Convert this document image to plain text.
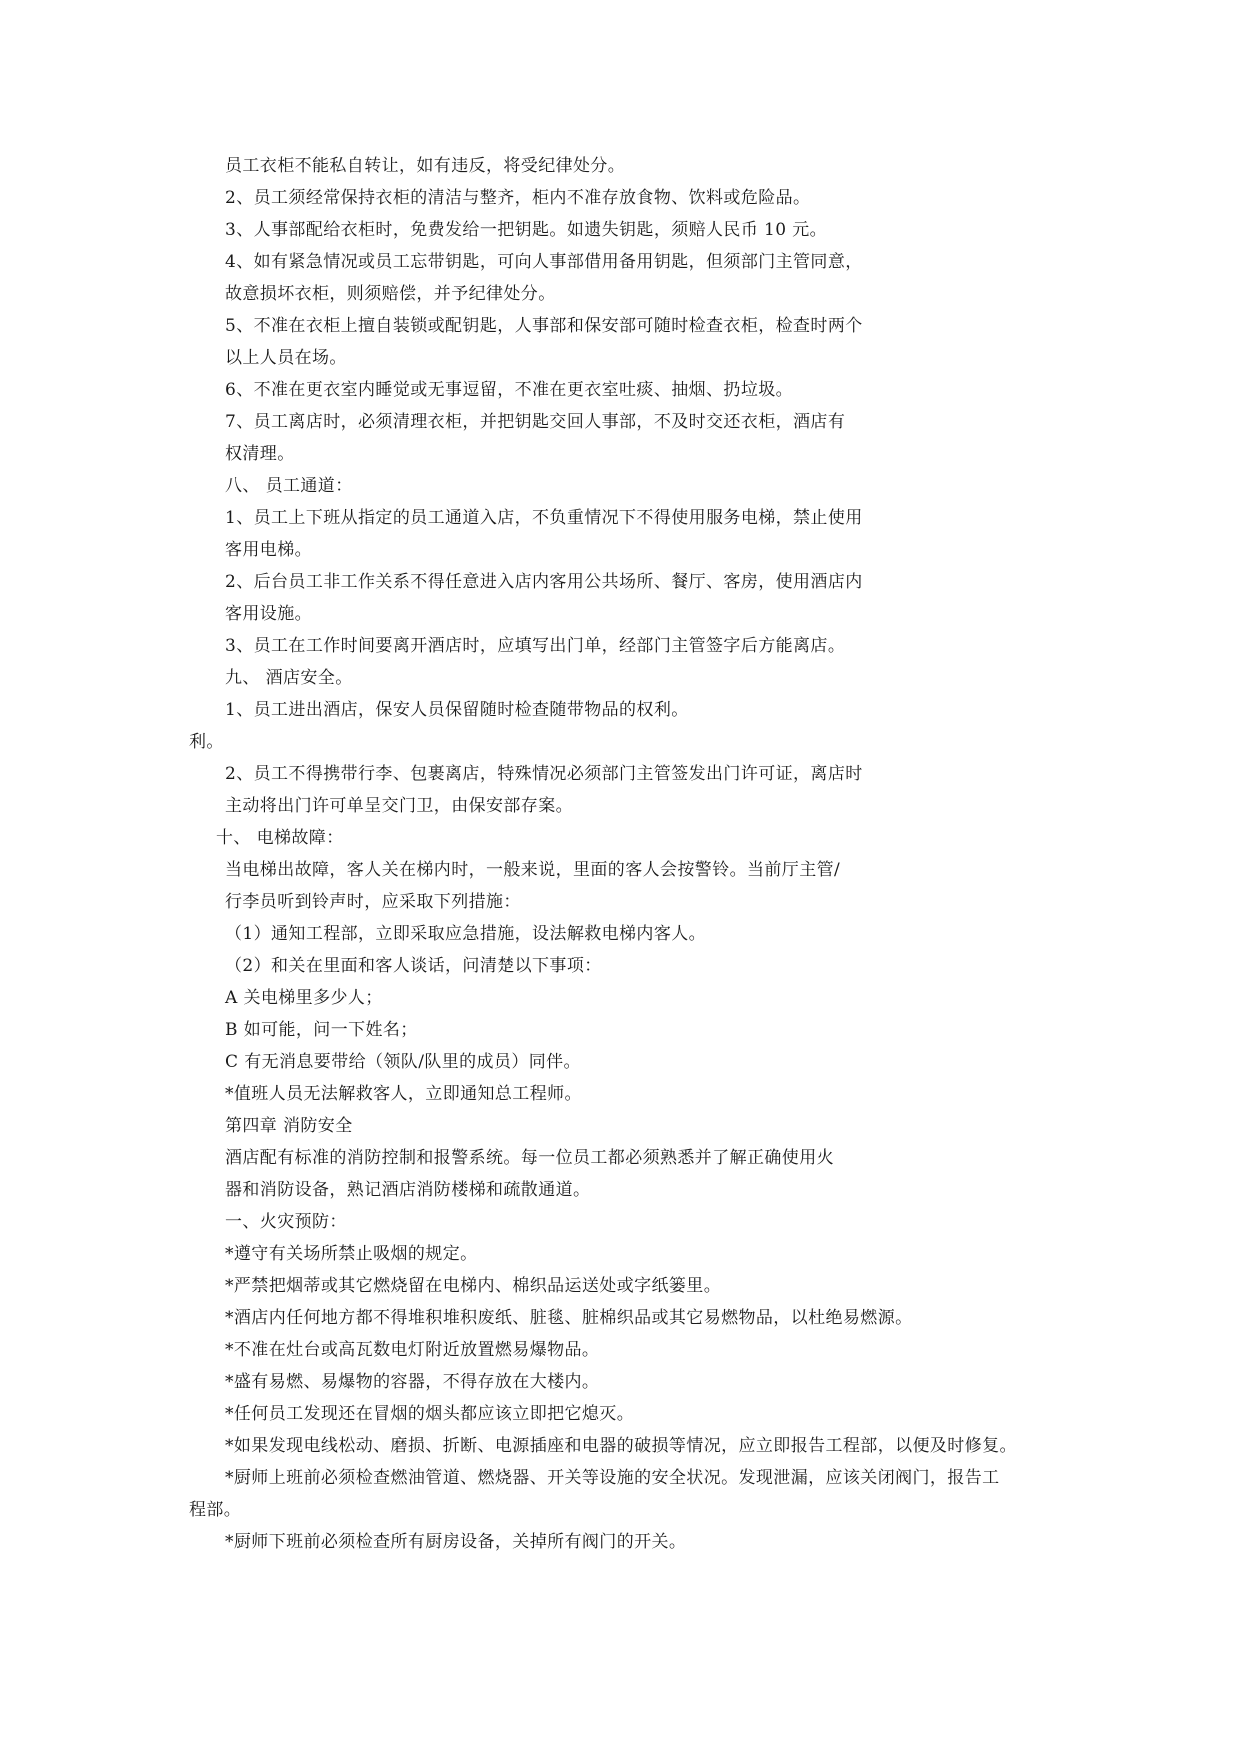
员工衣柜不能私自转让，如有违反，将受纪律处分。
2、员工须经常保持衣柜的清洁与整齐，柜内不准存放食物、饮料或危险品。
3、人事部配给衣柜时，免费发给一把钥匙。如遗失钥匙，须赔人民币 10 元。
4、如有紧急情况或员工忘带钥匙，可向人事部借用备用钥匙，但须部门主管同意，
故意损坏衣柜，则须赔偿，并予纪律处分。
5、不准在衣柜上擅自装锁或配钥匙，人事部和保安部可随时检查衣柜，检查时两个
以上人员在场。
6、不准在更衣室内睡觉或无事逗留，不准在更衣室吐痰、抽烟、扔垃圾。
7、员工离店时，必须清理衣柜，并把钥匙交回人事部，不及时交还衣柜，酒店有
权清理。
八、 员工通道：
1、员工上下班从指定的员工通道入店，不负重情况下不得使用服务电梯，禁止使用
客用电梯。
2、后台员工非工作关系不得任意进入店内客用公共场所、餐厅、客房，使用酒店内
客用设施。
3、员工在工作时间要离开酒店时，应填写出门单，经部门主管签字后方能离店。
九、 酒店安全。
1、员工进出酒店，保安人员保留随时检查随带物品的权利。
利。
2、员工不得携带行李、包裹离店，特殊情况必须部门主管签发出门许可证，离店时
主动将出门许可单呈交门卫，由保安部存案。
十、 电梯故障：
当电梯出故障，客人关在梯内时，一般来说，里面的客人会按警铃。当前厅主管/
行李员听到铃声时，应采取下列措施：
（1）通知工程部，立即采取应急措施，设法解救电梯内客人。
（2）和关在里面和客人谈话，问清楚以下事项：
A 关电梯里多少人；
B 如可能，问一下姓名；
C 有无消息要带给（领队/队里的成员）同伴。
*值班人员无法解救客人，立即通知总工程师。
第四章 消防安全
酒店配有标准的消防控制和报警系统。每一位员工都必须熟悉并了解正确使用火
器和消防设备，熟记酒店消防楼梯和疏散通道。
一、火灾预防：
*遵守有关场所禁止吸烟的规定。
*严禁把烟蒂或其它燃烧留在电梯内、棉织品运送处或字纸篓里。
*酒店内任何地方都不得堆积堆积废纸、脏毯、脏棉织品或其它易燃物品，以杜绝易燃源。
*不准在灶台或高瓦数电灯附近放置燃易爆物品。
*盛有易燃、易爆物的容器，不得存放在大楼内。
*任何员工发现还在冒烟的烟头都应该立即把它熄灭。
*如果发现电线松动、磨损、折断、电源插座和电器的破损等情况，应立即报告工程部，以便及时修复。
*厨师上班前必须检查燃油管道、燃烧器、开关等设施的安全状况。发现泄漏，应该关闭阀门，报告工
程部。
*厨师下班前必须检查所有厨房设备，关掉所有阀门的开关。
